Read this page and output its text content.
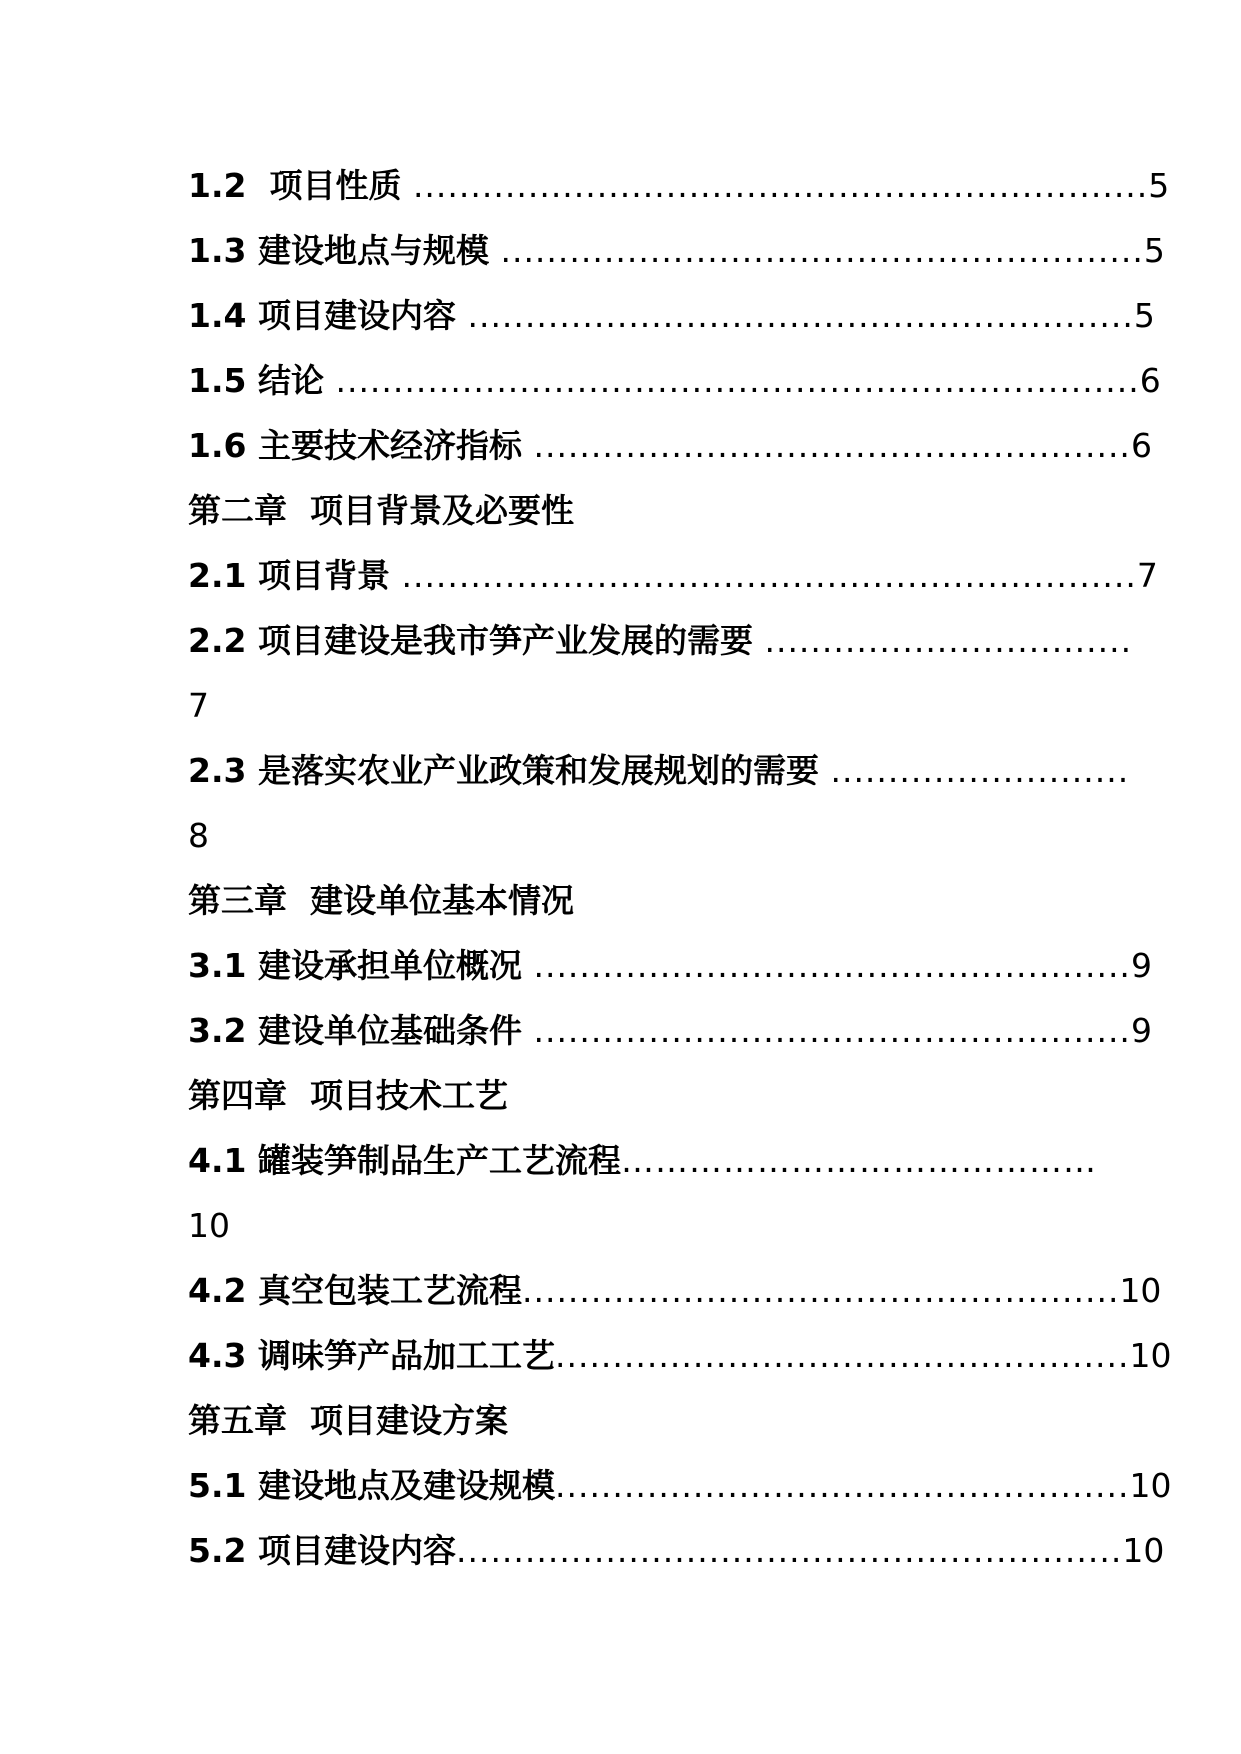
1.2 项目性质 ................................................................5
1.3 建设地点与规模 ........................................................5
1.4 项目建设内容 ..........................................................5
1.5 结论 ......................................................................6
1.6 主要技术经济指标 ....................................................6
第二章  项目背景及必要性
2.1 项目背景 ................................................................7
2.2 项目建设是我市笋产业发展的需要 ................................
7
2.3 是落实农业产业政策和发展规划的需要 ..........................
8
第三章  建设单位基本情况
3.1 建设承担单位概况 ....................................................9
3.2 建设单位基础条件 ....................................................9
第四章  项目技术工艺
4.1 罐装笋制品生产工艺流程……………………………………
10
4.2 真空包装工艺流程....................................................10
4.3 调味笋产品加工工艺..................................................10
第五章  项目建设方案
5.1 建设地点及建设规模..................................................10
5.2 项目建设内容..........................................................10
